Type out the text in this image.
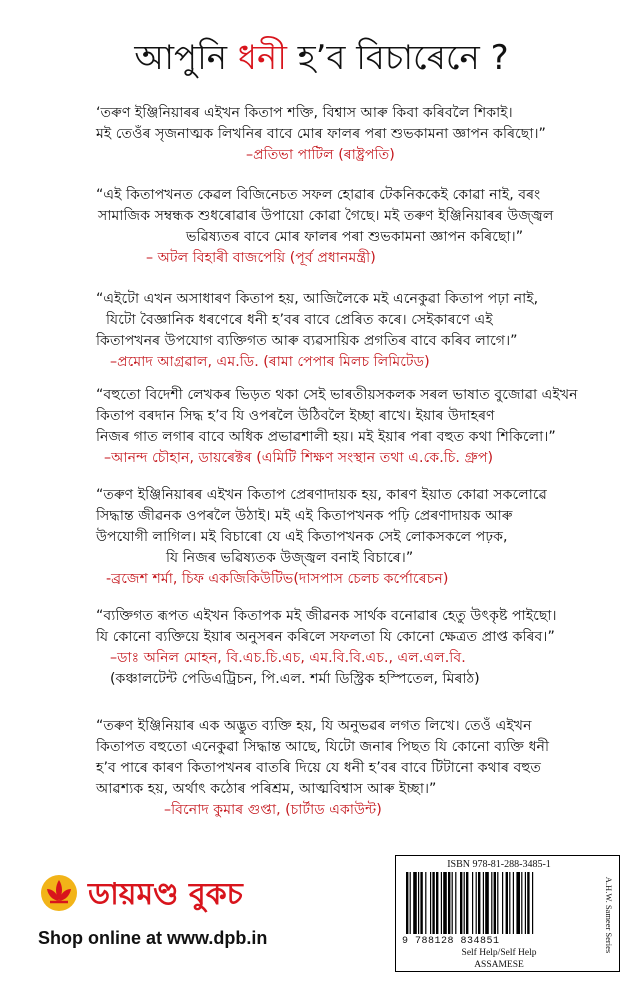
আপুনি ধনী হ’ব বিচাৰেনে ?

‘তৰুণ ইঞ্জিনিয়াৰৰ এইখন কিতাপ শক্তি, বিশ্বাস আৰু কিবা কৰিবলৈ শিকাই।

মই তেওঁৰ সৃজনাত্মক লিখনিৰ বাবে মোৰ ফালৰ পৰা শুভকামনা জ্ঞাপন কৰিছো।”

–প্ৰতিভা পাটিল (ৰাষ্ট্ৰপতি)

“এই কিতাপখনত কেৱল বিজিনেচত সফল হোৱাৰ টেকনিককেই কোৱা নাই, বৰং

সামাজিক সম্বন্ধক শুধৰোৱাৰ উপায়ো কোৱা গৈছে। মই তৰুণ ইঞ্জিনিয়াৰৰ উজ্জ্বল

ভৱিষ্যতৰ বাবে মোৰ ফালৰ পৰা শুভকামনা জ্ঞাপন কৰিছো।”

– অটল বিহাৰী বাজপেয়ি (পূৰ্ব প্ৰধানমন্ত্ৰী)

“এইটো এখন অসাধাৰণ কিতাপ হয়, আজিলৈকে মই এনেকুৱা কিতাপ পঢ়া নাই,

যিটো বৈজ্ঞানিক ধৰণেৰে ধনী হ’বৰ বাবে প্ৰেৰিত কৰে। সেইকাৰণে এই

কিতাপখনৰ উপযোগ ব্যক্তিগত আৰু ব্যৱসায়িক প্ৰগতিৰ বাবে কৰিব লাগে।”

–প্ৰমোদ আগ্ৰৱাল, এম.ডি. (ৰামা পেপাৰ মিলচ লিমিটেড)

“বহুতো বিদেশী লেখকৰ ভিড়ত থকা সেই ভাৰতীয়সকলক সৰল ভাষাত বুজোৱা এইখন

কিতাপ বৰদান সিদ্ধ হ’ব যি ওপৰলৈ উঠিবলৈ ইচ্ছা ৰাখে। ইয়াৰ উদাহৰণ

নিজৰ গাত লগাৰ বাবে অধিক প্ৰভাৱশালী হয়। মই ইয়াৰ পৰা বহুত কথা শিকিলো।”

–আনন্দ চৌহান, ডায়ৰেক্টৰ (এমিটি শিক্ষণ সংস্থান তথা এ.কে.চি. গ্ৰুপ)

“তৰুণ ইঞ্জিনিয়াৰৰ এইখন কিতাপ প্ৰেৰণাদায়ক হয়, কাৰণ ইয়াত কোৱা সকলোৱে

সিদ্ধান্ত জীৱনক ওপৰলৈ উঠাই। মই এই কিতাপখনক পঢ়ি প্ৰেৰণাদায়ক আৰু

উপযোগী লাগিল। মই বিচাৰো যে এই কিতাপখনক সেই লোকসকলে পঢ়ক,

যি নিজৰ ভৱিষ্যতক উজ্জ্বল বনাই বিচাৰে।”

-ব্ৰজেশ শৰ্মা, চিফ একজিকিউটিভ(দাসপাস চেলচ কৰ্পোৰেচন)

“ব্যক্তিগত ৰূপত এইখন কিতাপক মই জীৱনক সাৰ্থক বনোৱাৰ হেতু উৎকৃষ্ট পাইছো।

যি কোনো ব্যক্তিয়ে ইয়াৰ অনুসৰন কৰিলে সফলতা যি কোনো ক্ষেত্ৰত প্ৰাপ্ত কৰিব।”

–ডাঃ অনিল মোহন, বি.এচ.চি.এচ, এম.বি.বি.এচ., এল.এল.বি.

(কঞ্চালটেন্ট পেডিএট্ৰিচন, পি.এল. শৰ্মা ডিস্ট্ৰিক হস্পিতেল, মিৰাঠ)

“তৰুণ ইঞ্জিনিয়াৰ এক অদ্ভুত ব্যক্তি হয়, যি অনুভৱৰ লগত লিখে। তেওঁ এইখন

কিতাপত বহুতো এনেকুৱা সিদ্ধান্ত আছে, যিটো জনাৰ পিছত যি কোনো ব্যক্তি ধনী

হ’ব পাৰে কাৰণ কিতাপখনৰ বাতৰি দিয়ে যে ধনী হ’বৰ বাবে টিটানো কথাৰ বহুত

আৱশ্যক হয়, অৰ্থাৎ কঠোৰ পৰিশ্ৰম, আত্মবিশ্বাস আৰু ইচ্ছা।”

–বিনোদ কুমাৰ গুপ্তা, (চাৰ্টাড একাউন্ট)

ডায়মণ্ড বুকচ
Shop online at www.dpb.in
ISBN 978-81-288-3485-1
9 788128 834851
Self Help/Self Help
ASSAMESE
A.H.W. Sameer Series
